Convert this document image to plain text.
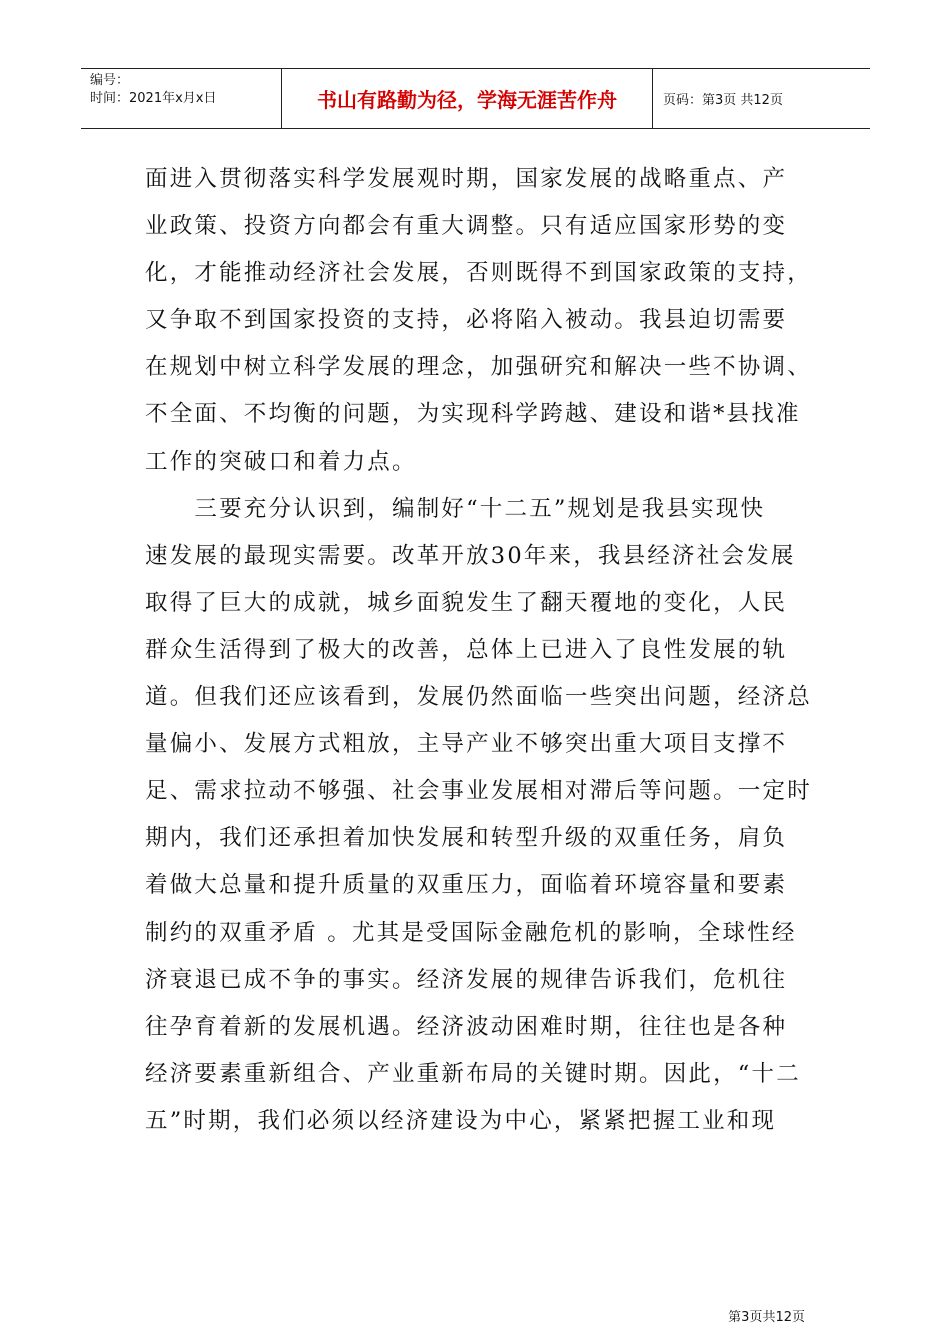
编号：
时间：2021年x月x日	书山有路勤为径，学海无涯苦作舟	页码：第3页 共12页
面进入贯彻落实科学发展观时期，国家发展的战略重点、产
业政策、投资方向都会有重大调整。只有适应国家形势的变
化，才能推动经济社会发展，否则既得不到国家政策的支持，
又争取不到国家投资的支持，必将陷入被动。我县迫切需要
在规划中树立科学发展的理念，加强研究和解决一些不协调、
不全面、不均衡的问题，为实现科学跨越、建设和谐*县找准
工作的突破口和着力点。
　　三要充分认识到，编制好“十二五”规划是我县实现快
速发展的最现实需要。改革开放30年来，我县经济社会发展
取得了巨大的成就，城乡面貌发生了翻天覆地的变化，人民
群众生活得到了极大的改善，总体上已进入了良性发展的轨
道。但我们还应该看到，发展仍然面临一些突出问题，经济总
量偏小、发展方式粗放，主导产业不够突出重大项目支撑不
足、需求拉动不够强、社会事业发展相对滞后等问题。一定时
期内，我们还承担着加快发展和转型升级的双重任务，肩负
着做大总量和提升质量的双重压力，面临着环境容量和要素
制约的双重矛盾 。尤其是受国际金融危机的影响，全球性经
济衰退已成不争的事实。经济发展的规律告诉我们，危机往
往孕育着新的发展机遇。经济波动困难时期，往往也是各种
经济要素重新组合、产业重新布局的关键时期。因此，“十二
五”时期，我们必须以经济建设为中心，紧紧把握工业和现
第3页共12页
